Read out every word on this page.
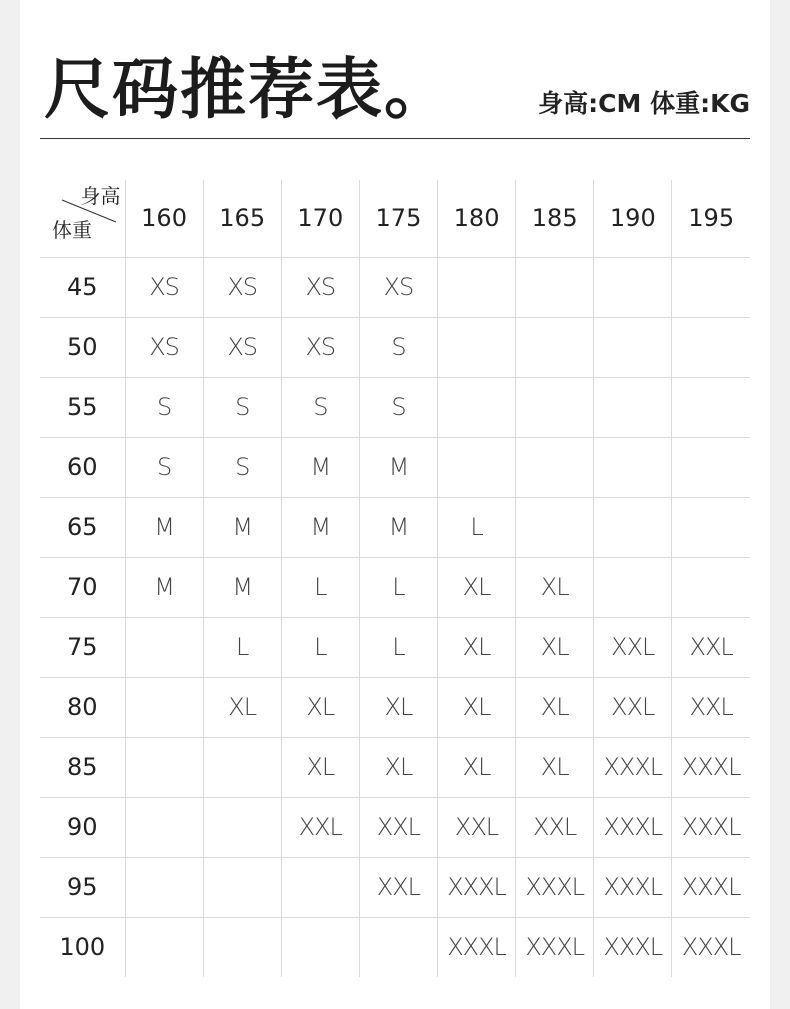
尺码推荐表。	身高:CM 体重:KG
身高
体重	160	165	170	175	180	185	190	195
45	XS	XS	XS	XS				
50	XS	XS	XS	S				
55	S	S	S	S				
60	S	S	M	M				
65	M	M	M	M	L			
70	M	M	L	L	XL	XL		
75		L	L	L	XL	XL	XXL	XXL
80		XL	XL	XL	XL	XL	XXL	XXL
85			XL	XL	XL	XL	XXXL	XXXL
90			XXL	XXL	XXL	XXL	XXXL	XXXL
95				XXL	XXXL	XXXL	XXXL	XXXL
100					XXXL	XXXL	XXXL	XXXL
